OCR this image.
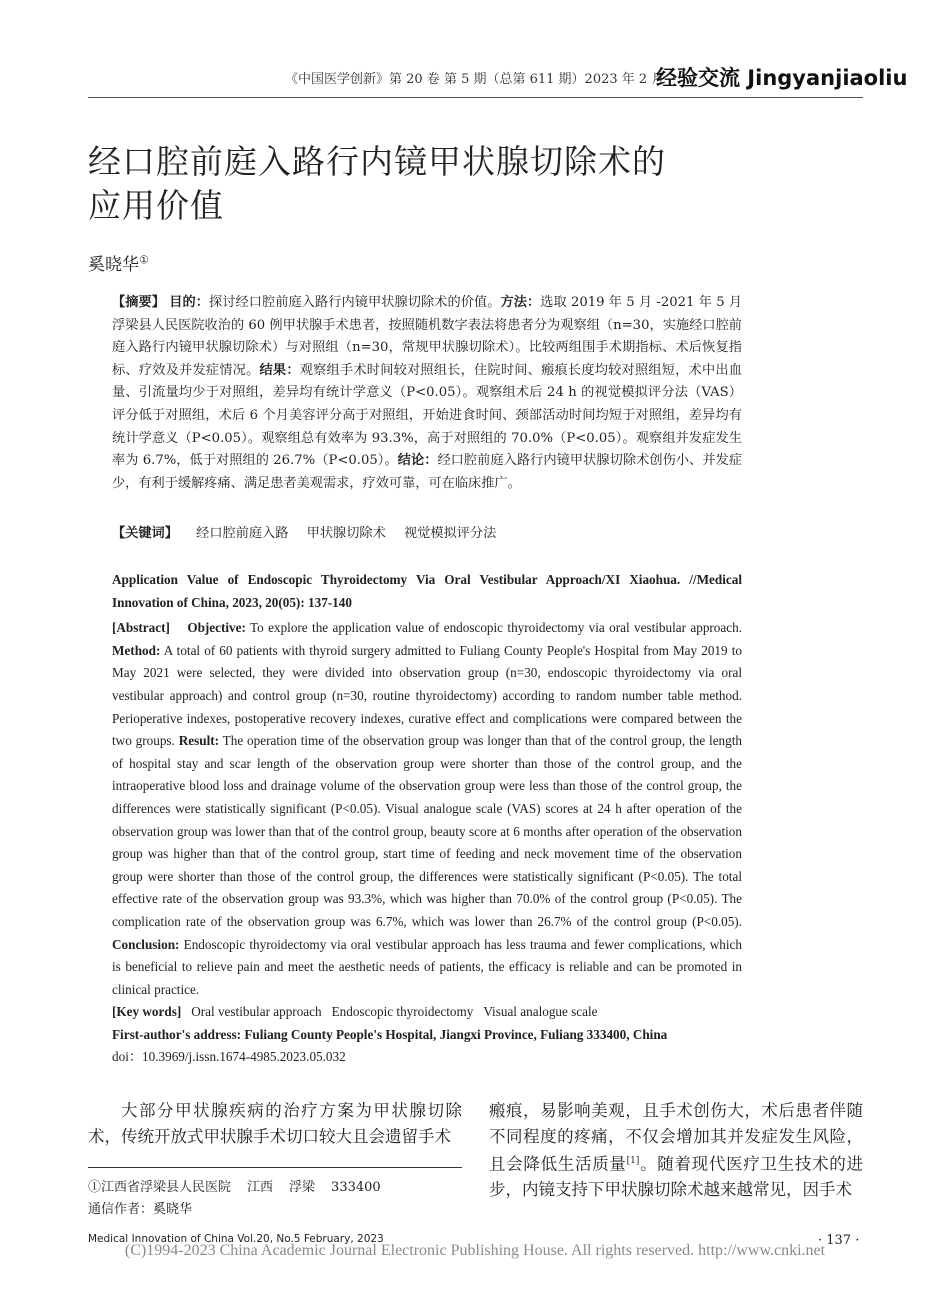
《中国医学创新》第 20 卷 第 5 期（总第 611 期）2023 年 2 月
经验交流 Jingyanjiaoliu
经口腔前庭入路行内镜甲状腺切除术的
应用价值
奚晓华①
【摘要】 目的：探讨经口腔前庭入路行内镜甲状腺切除术的价值。方法：选取 2019 年 5 月 -2021 年 5 月浮梁县人民医院收治的 60 例甲状腺手术患者，按照随机数字表法将患者分为观察组（n=30，实施经口腔前庭入路行内镜甲状腺切除术）与对照组（n=30，常规甲状腺切除术）。比较两组围手术期指标、术后恢复指标、疗效及并发症情况。结果：观察组手术时间较对照组长，住院时间、瘢痕长度均较对照组短，术中出血量、引流量均少于对照组，差异均有统计学意义（P<0.05）。观察组术后 24 h 的视觉模拟评分法（VAS）评分低于对照组，术后 6 个月美容评分高于对照组，开始进食时间、颈部活动时间均短于对照组，差异均有统计学意义（P<0.05）。观察组总有效率为 93.3%，高于对照组的 70.0%（P<0.05）。观察组并发症发生率为 6.7%，低于对照组的 26.7%（P<0.05）。结论：经口腔前庭入路行内镜甲状腺切除术创伤小、并发症少，有利于缓解疼痛、满足患者美观需求，疗效可靠，可在临床推广。
【关键词】 经口腔前庭入路 甲状腺切除术 视觉模拟评分法

Application Value of Endoscopic Thyroidectomy Via Oral Vestibular Approach/XI Xiaohua. //Medical Innovation of China, 2023, 20(05): 137-140

[Abstract] Objective: To explore the application value of endoscopic thyroidectomy via oral vestibular approach. Method: A total of 60 patients with thyroid surgery admitted to Fuliang County People's Hospital from May 2019 to May 2021 were selected, they were divided into observation group (n=30, endoscopic thyroidectomy via oral vestibular approach) and control group (n=30, routine thyroidectomy) according to random number table method. Perioperative indexes, postoperative recovery indexes, curative effect and complications were compared between the two groups. Result: The operation time of the observation group was longer than that of the control group, the length of hospital stay and scar length of the observation group were shorter than those of the control group, and the intraoperative blood loss and drainage volume of the observation group were less than those of the control group, the differences were statistically significant (P<0.05). Visual analogue scale (VAS) scores at 24 h after operation of the observation group was lower than that of the control group, beauty score at 6 months after operation of the observation group was higher than that of the control group, start time of feeding and neck movement time of the observation group were shorter than those of the control group, the differences were statistically significant (P<0.05). The total effective rate of the observation group was 93.3%, which was higher than 70.0% of the control group (P<0.05). The complication rate of the observation group was 6.7%, which was lower than 26.7% of the control group (P<0.05). Conclusion: Endoscopic thyroidectomy via oral vestibular approach has less trauma and fewer complications, which is beneficial to relieve pain and meet the aesthetic needs of patients, the efficacy is reliable and can be promoted in clinical practice.

[Key words] Oral vestibular approach Endoscopic thyroidectomy Visual analogue scale

First-author's address: Fuliang County People's Hospital, Jiangxi Province, Fuliang 333400, China

doi：10.3969/j.issn.1674-4985.2023.05.032

大部分甲状腺疾病的治疗方案为甲状腺切除术，传统开放式甲状腺手术切口较大且会遗留手术
瘢痕，易影响美观，且手术创伤大，术后患者伴随不同程度的疼痛，不仅会增加其并发症发生风险，且会降低生活质量[1]。随着现代医疗卫生技术的进步，内镜支持下甲状腺切除术越来越常见，因手术
①江西省浮梁县人民医院 江西 浮梁 333400
通信作者：奚晓华
Medical Innovation of China Vol.20, No.5 February, 2023	· 137 ·
(C)1994-2023 China Academic Journal Electronic Publishing House. All rights reserved. http://www.cnki.net
